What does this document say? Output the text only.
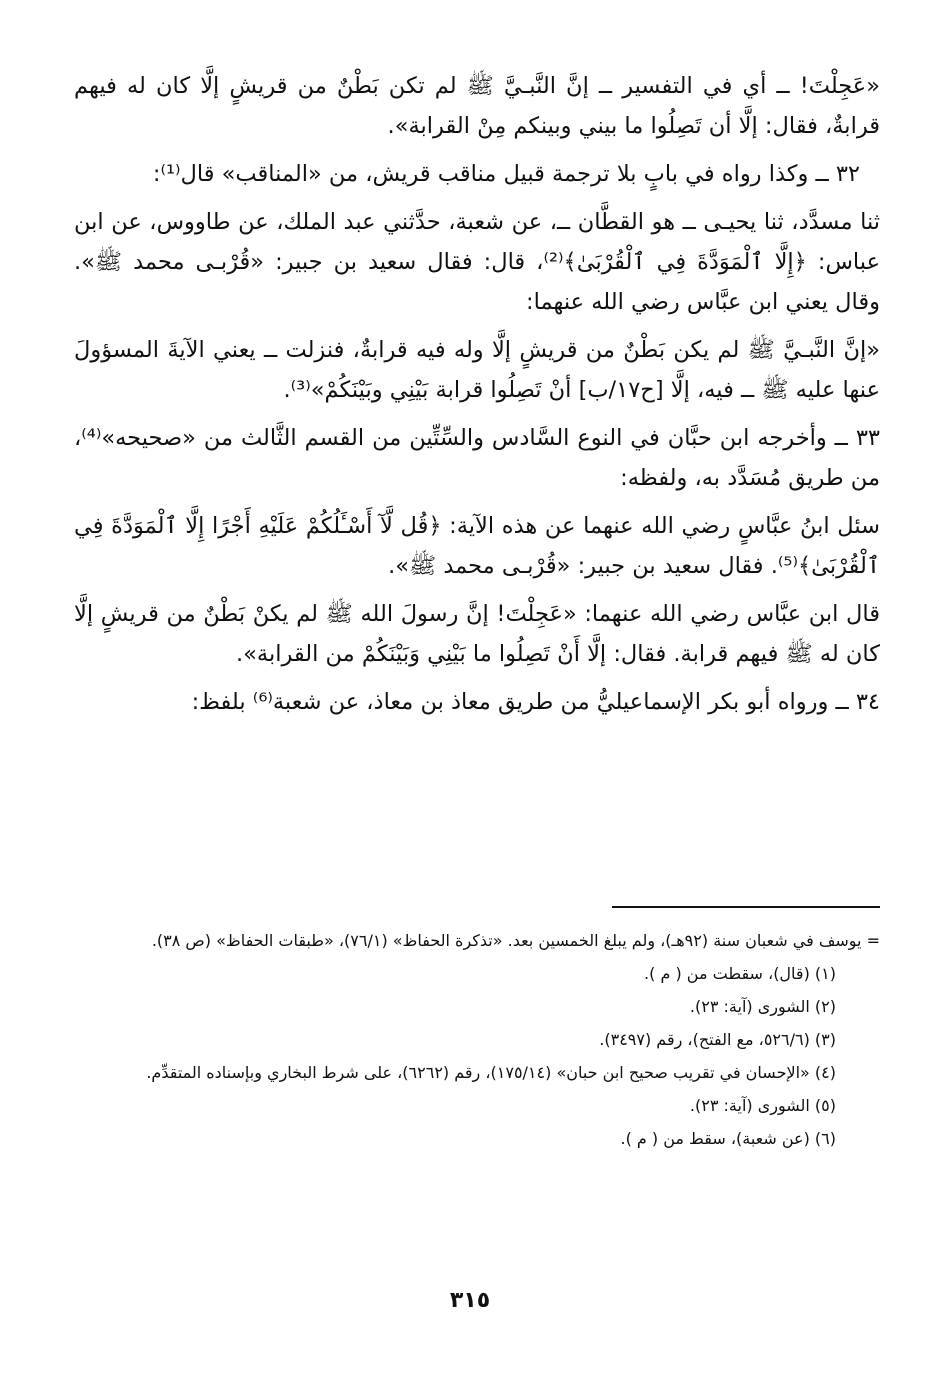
«عَجِلْتَ! ــ أي في التفسير ــ إنَّ النَّبـيَّ ﷺ لم تكن بَطْنٌ من قريشٍ إلَّا كان له فيهم قرابةٌ، فقال: إلَّا أن تَصِلُوا ما بيني وبينكم مِنْ القرابة».

٣٢ ــ وكذا رواه في بابٍ بلا ترجمة قبيل مناقب قريش، من «المناقب» قال⁽¹⁾:

ثنا مسدَّد، ثنا يحيـى ــ هو القطَّان ــ، عن شعبة، حدَّثني عبد الملك، عن طاووس، عن ابن عباس: ﴿إِلَّا ٱلْمَوَدَّةَ فِي ٱلْقُرْبَىٰ﴾⁽²⁾، قال: فقال سعيد بن جبير: «قُرْبـى محمد ﷺ». وقال يعني ابن عبَّاس رضي الله عنهما:

«إنَّ النَّبـيَّ ﷺ لم يكن بَطْنٌ من قريشٍ إلَّا وله فيه قرابةٌ، فنزلت ــ يعني الآيةَ المسؤولَ عنها عليه ﷺ ــ فيه، إلَّا [ح١٧/ب] أنْ تَصِلُوا قرابة بَيْنِي وبَيْنَكُمْ»⁽³⁾.

٣٣ ــ وأخرجه ابن حبَّان في النوع السَّادس والسِّتِّين من القسم الثَّالث من «صحيحه»⁽⁴⁾، من طريق مُسَدَّد به، ولفظه:

سئل ابنُ عبَّاسٍ رضي الله عنهما عن هذه الآية: ﴿قُل لَّآ أَسْـَٔلُكُمْ عَلَيْهِ أَجْرًا إِلَّا ٱلْمَوَدَّةَ فِي ٱلْقُرْبَىٰ﴾⁽⁵⁾. فقال سعيد بن جبير: «قُرْبـى محمد ﷺ».

قال ابن عبَّاس رضي الله عنهما: «عَجِلْتَ! إنَّ رسولَ الله ﷺ لم يكنْ بَطْنٌ من قريشٍ إلَّا كان له ﷺ فيهم قرابة. فقال: إلَّا أَنْ تَصِلُوا ما بَيْنِي وَبَيْنَكُمْ من القرابة».

٣٤ ــ ورواه أبو بكر الإسماعيليُّ من طريق معاذ بن معاذ، عن شعبة⁽⁶⁾ بلفظ:

= يوسف في شعبان سنة (٩٢هـ)، ولم يبلغ الخمسين بعد. «تذكرة الحفاظ» (٧٦/١)، «طبقات الحفاظ» (ص ٣٨).

(١) (قال)، سقطت من ( م ).

(٢) الشورى (آية: ٢٣).

(٣) (٥٢٦/٦، مع الفتح)، رقم (٣٤٩٧).

(٤) «الإحسان في تقريب صحيح ابن حبان» (١٧٥/١٤)، رقم (٦٢٦٢)، على شرط البخاري وبإسناده المتقدِّم.

(٥) الشورى (آية: ٢٣).

(٦) (عن شعبة)، سقط من ( م ).

٣١٥
